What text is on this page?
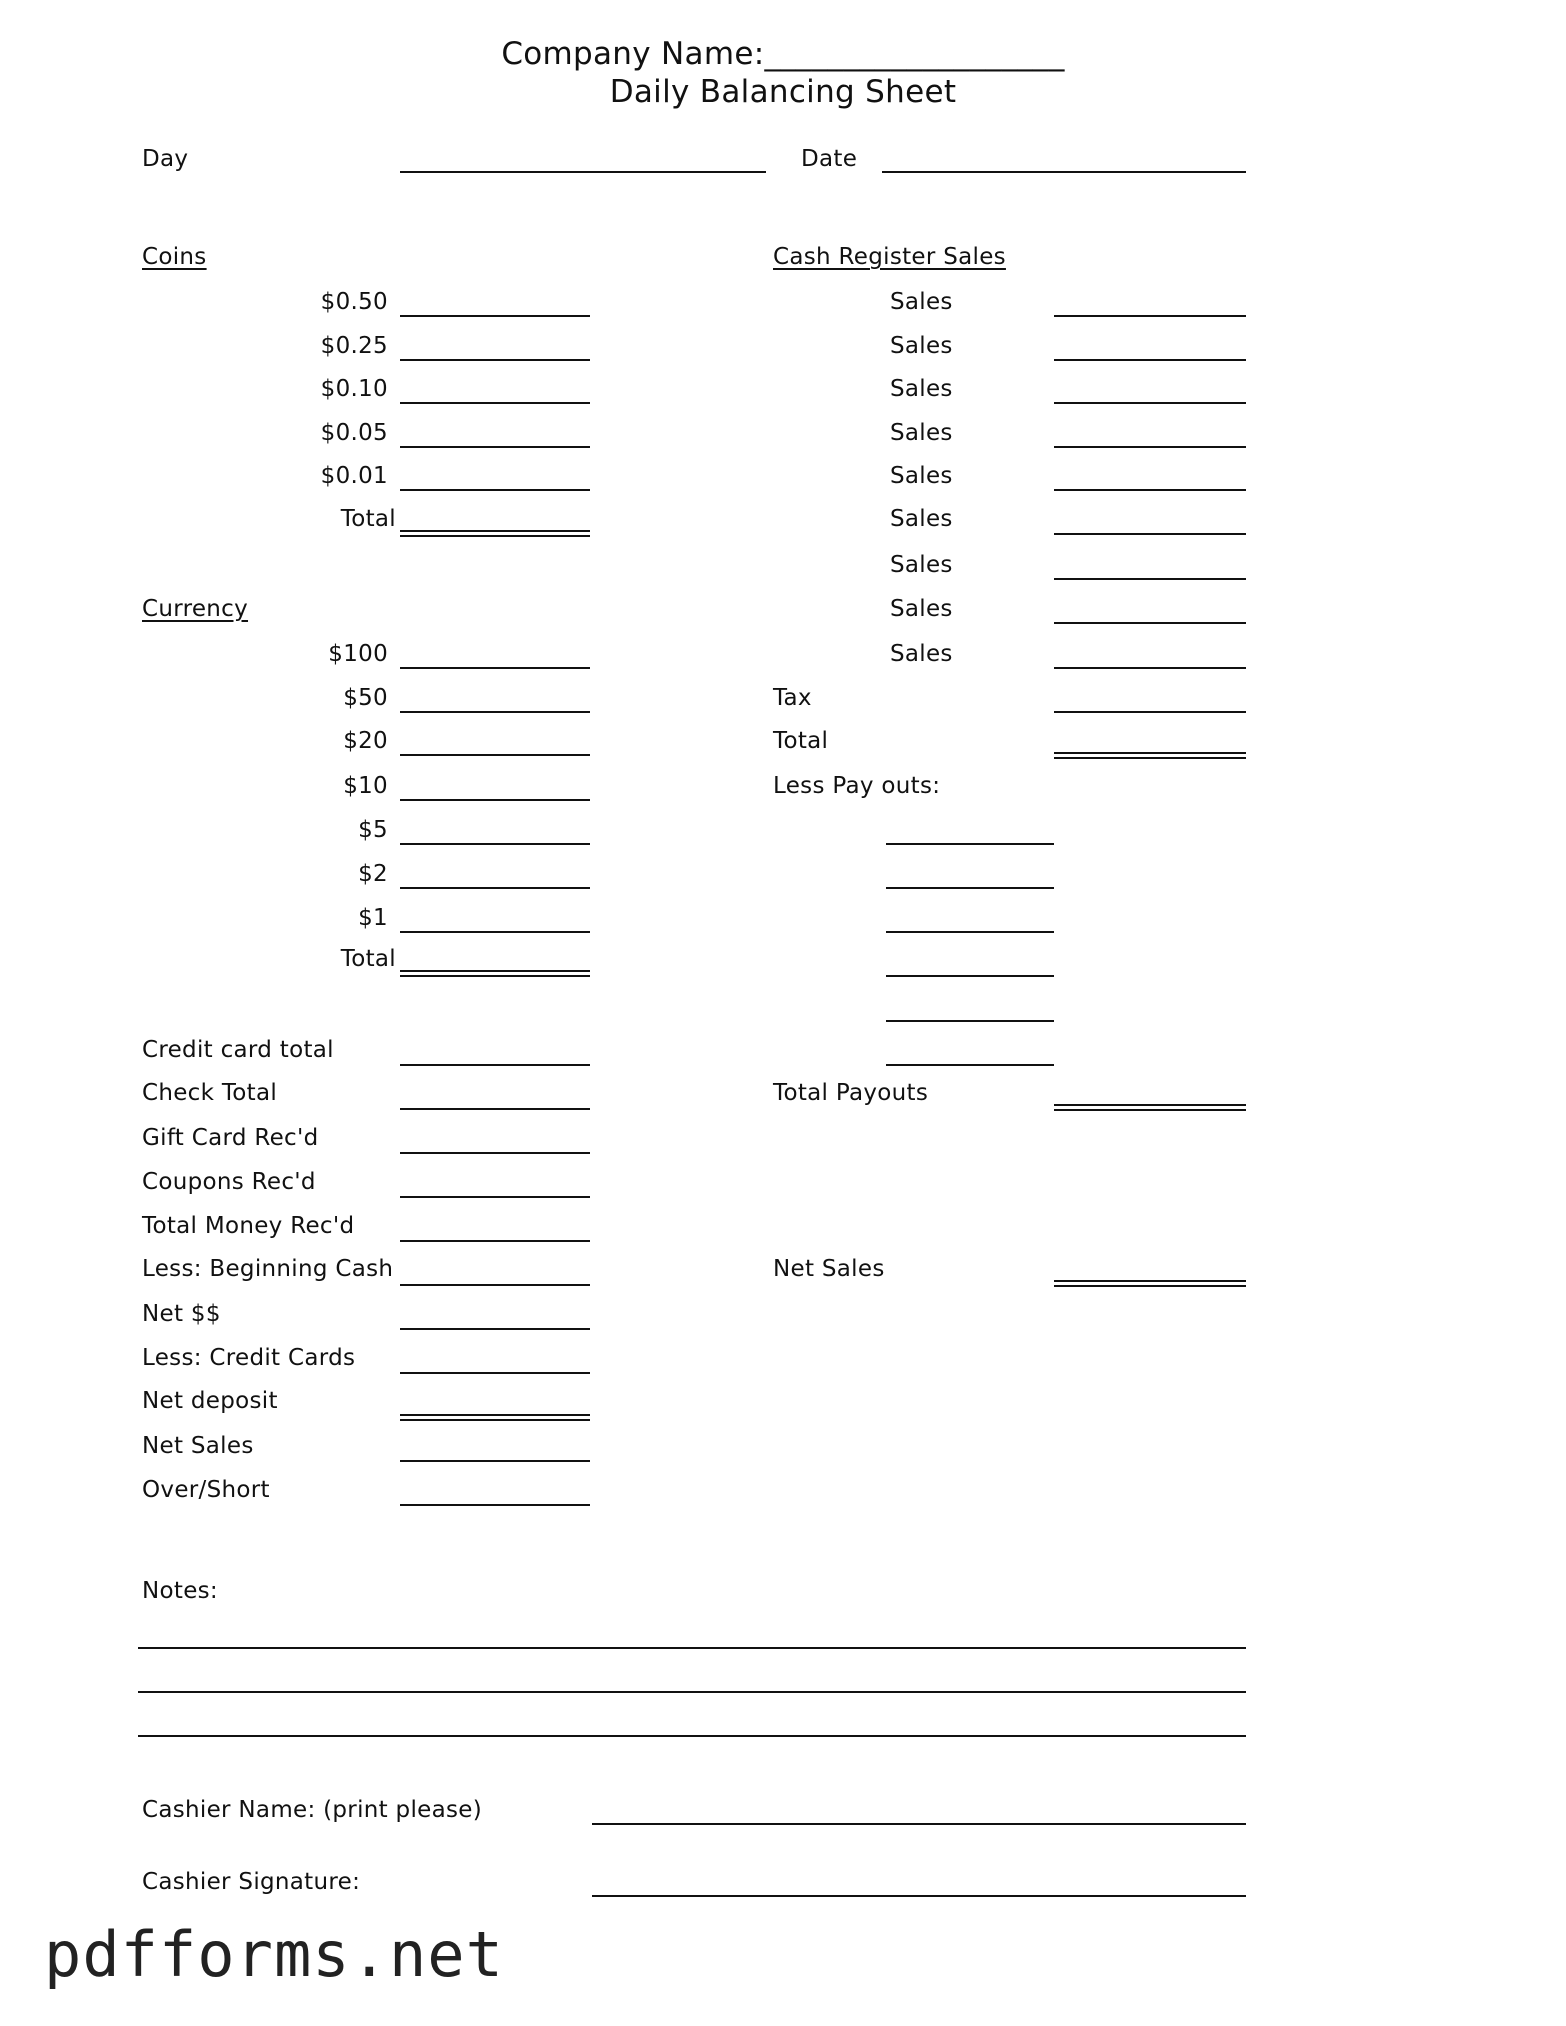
Company Name:___________________
Daily Balancing Sheet
Day	Date
Coins
$0.50
$0.25
$0.10
$0.05
$0.01
Total
Currency
$100
$50
$20
$10
$5
$2
$1
Total
Credit card total
Check Total
Gift Card Rec'd
Coupons Rec'd
Total Money Rec'd
Less: Beginning Cash
Net $$
Less: Credit Cards
Net deposit
Net Sales
Over/Short
Cash Register Sales
Sales
Sales
Sales
Sales
Sales
Sales
Sales
Sales
Sales
Tax
Total
Less Pay outs:
Total Payouts
Net Sales
Notes:
Cashier Name: (print please)
Cashier Signature:
pdfforms.net
